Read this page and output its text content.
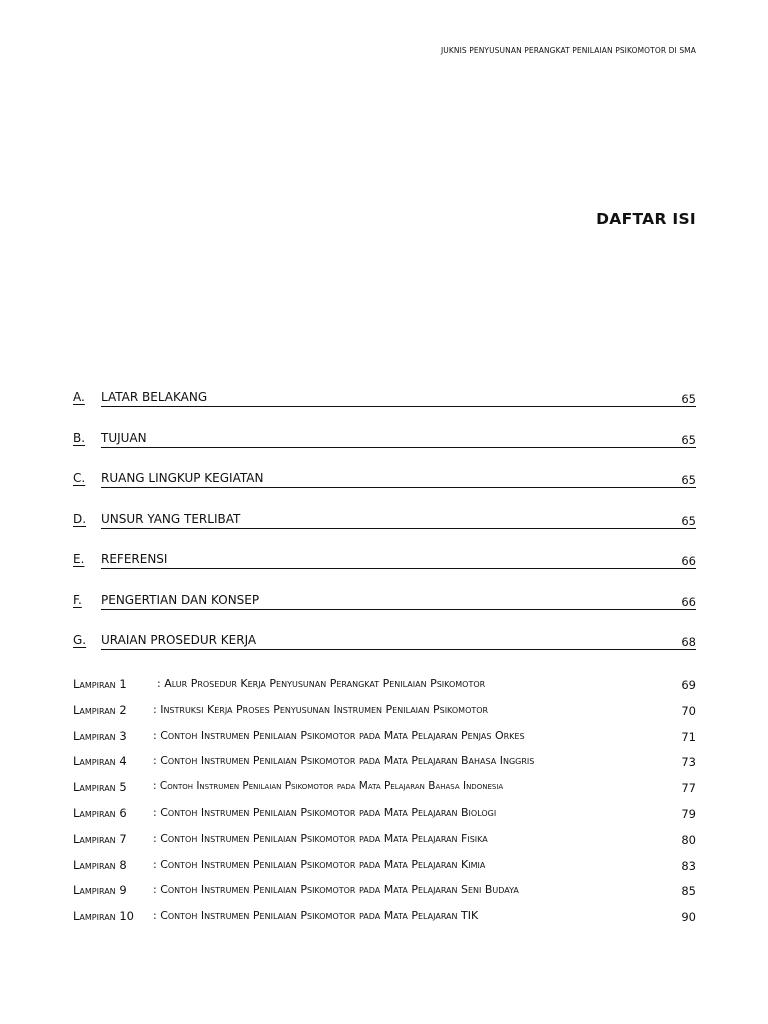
JUKNIS PENYUSUNAN PERANGKAT PENILAIAN PSIKOMOTOR DI SMA
DAFTAR ISI
A. LATAR BELAKANG	65
B. TUJUAN	65
C. RUANG LINGKUP KEGIATAN	65
D. UNSUR YANG TERLIBAT	65
E. REFERENSI	66
F. PENGERTIAN DAN KONSEP	66
G. URAIAN PROSEDUR KERJA	68
Lampiran 1	: Alur Prosedur Kerja Penyusunan Perangkat Penilaian Psikomotor	69
Lampiran 2 : Instruksi Kerja Proses Penyusunan Instrumen Penilaian Psikomotor	70
Lampiran 3 : Contoh Instrumen Penilaian Psikomotor pada Mata Pelajaran Penjas Orkes	71
Lampiran 4 : Contoh Instrumen Penilaian Psikomotor pada Mata Pelajaran Bahasa Inggris	73
Lampiran 5	: Contoh Instrumen Penilaian Psikomotor pada Mata Pelajaran Bahasa Indonesia	77
Lampiran 6 : Contoh Instrumen Penilaian Psikomotor pada Mata Pelajaran Biologi	79
Lampiran 7 : Contoh Instrumen Penilaian Psikomotor pada Mata Pelajaran Fisika	80
Lampiran 8 : Contoh Instrumen Penilaian Psikomotor pada Mata Pelajaran Kimia	83
Lampiran 9 : Contoh Instrumen Penilaian Psikomotor pada Mata Pelajaran Seni Budaya	85
Lampiran 10 : Contoh Instrumen Penilaian Psikomotor pada Mata Pelajaran TIK	90
